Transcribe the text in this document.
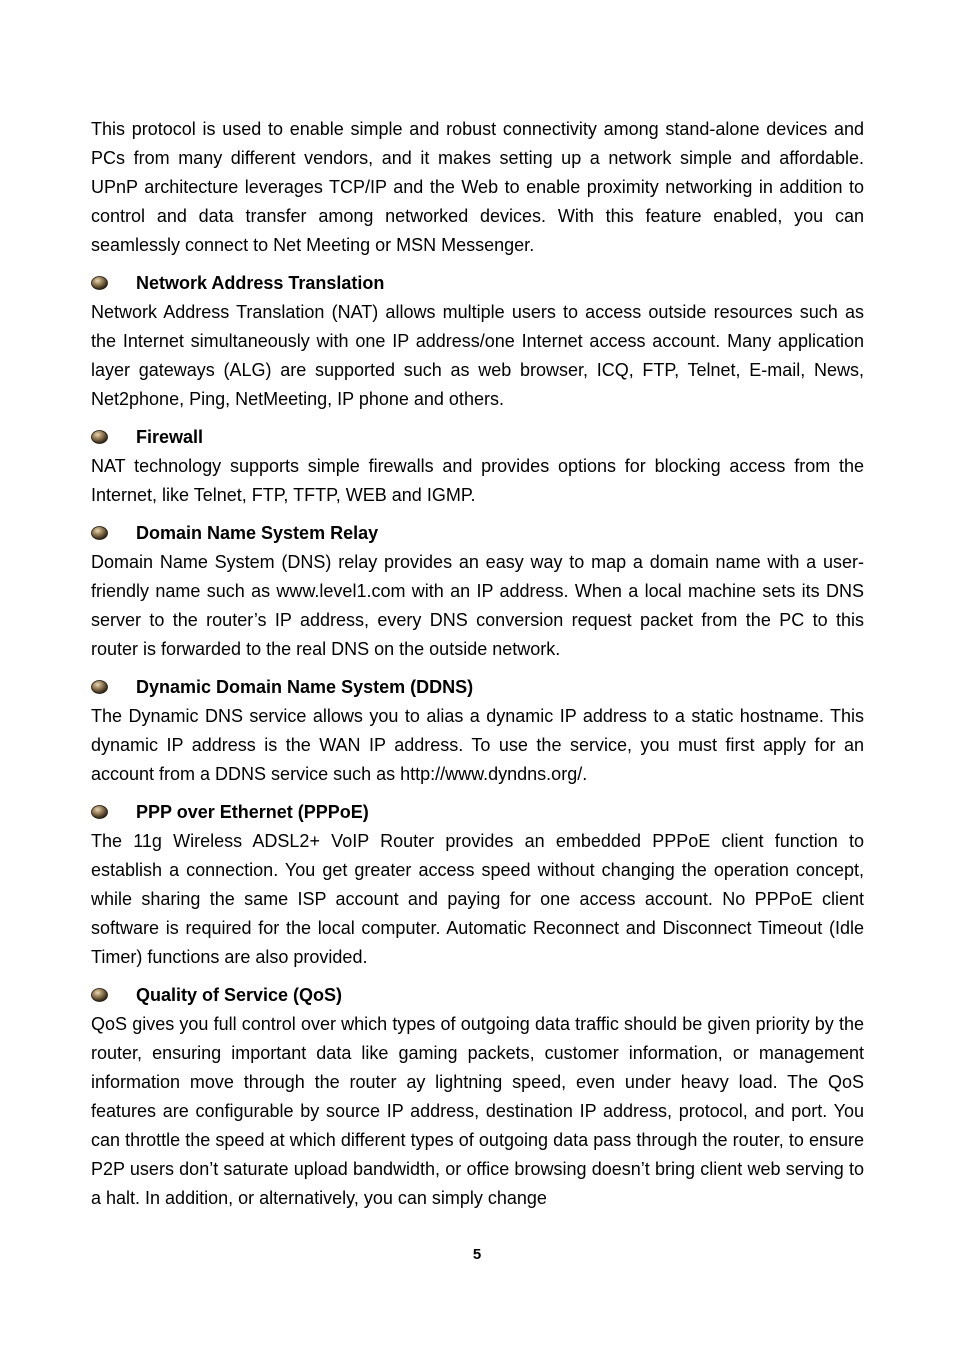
This protocol is used to enable simple and robust connectivity among stand-alone devices and PCs from many different vendors, and it makes setting up a network simple and affordable. UPnP architecture leverages TCP/IP and the Web to enable proximity networking in addition to control and data transfer among networked devices. With this feature enabled, you can seamlessly connect to Net Meeting or MSN Messenger.

Network Address Translation

Network Address Translation (NAT) allows multiple users to access outside resources such as the Internet simultaneously with one IP address/one Internet access account. Many application layer gateways (ALG) are supported such as web browser, ICQ, FTP, Telnet, E-mail, News, Net2phone, Ping, NetMeeting, IP phone and others.

Firewall

NAT technology supports simple firewalls and provides options for blocking access from the Internet, like Telnet, FTP, TFTP, WEB and IGMP.

Domain Name System Relay

Domain Name System (DNS) relay provides an easy way to map a domain name with a user-friendly name such as www.level1.com with an IP address. When a local machine sets its DNS server to the router’s IP address, every DNS conversion request packet from the PC to this router is forwarded to the real DNS on the outside network.

Dynamic Domain Name System (DDNS)

The Dynamic DNS service allows you to alias a dynamic IP address to a static hostname. This dynamic IP address is the WAN IP address. To use the service, you must first apply for an account from a DDNS service such as http://www.dyndns.org/.

PPP over Ethernet (PPPoE)

The 11g Wireless ADSL2+ VoIP Router provides an embedded PPPoE client function to establish a connection. You get greater access speed without changing the operation concept, while sharing the same ISP account and paying for one access account. No PPPoE client software is required for the local computer. Automatic Reconnect and Disconnect Timeout (Idle Timer) functions are also provided.

Quality of Service (QoS)

QoS gives you full control over which types of outgoing data traffic should be given priority by the router, ensuring important data like gaming packets, customer information, or management information move through the router ay lightning speed, even under heavy load. The QoS features are configurable by source IP address, destination IP address, protocol, and port. You can throttle the speed at which different types of outgoing data pass through the router, to ensure P2P users don’t saturate upload bandwidth, or office browsing doesn’t bring client web serving to a halt. In addition, or alternatively, you can simply change

5
